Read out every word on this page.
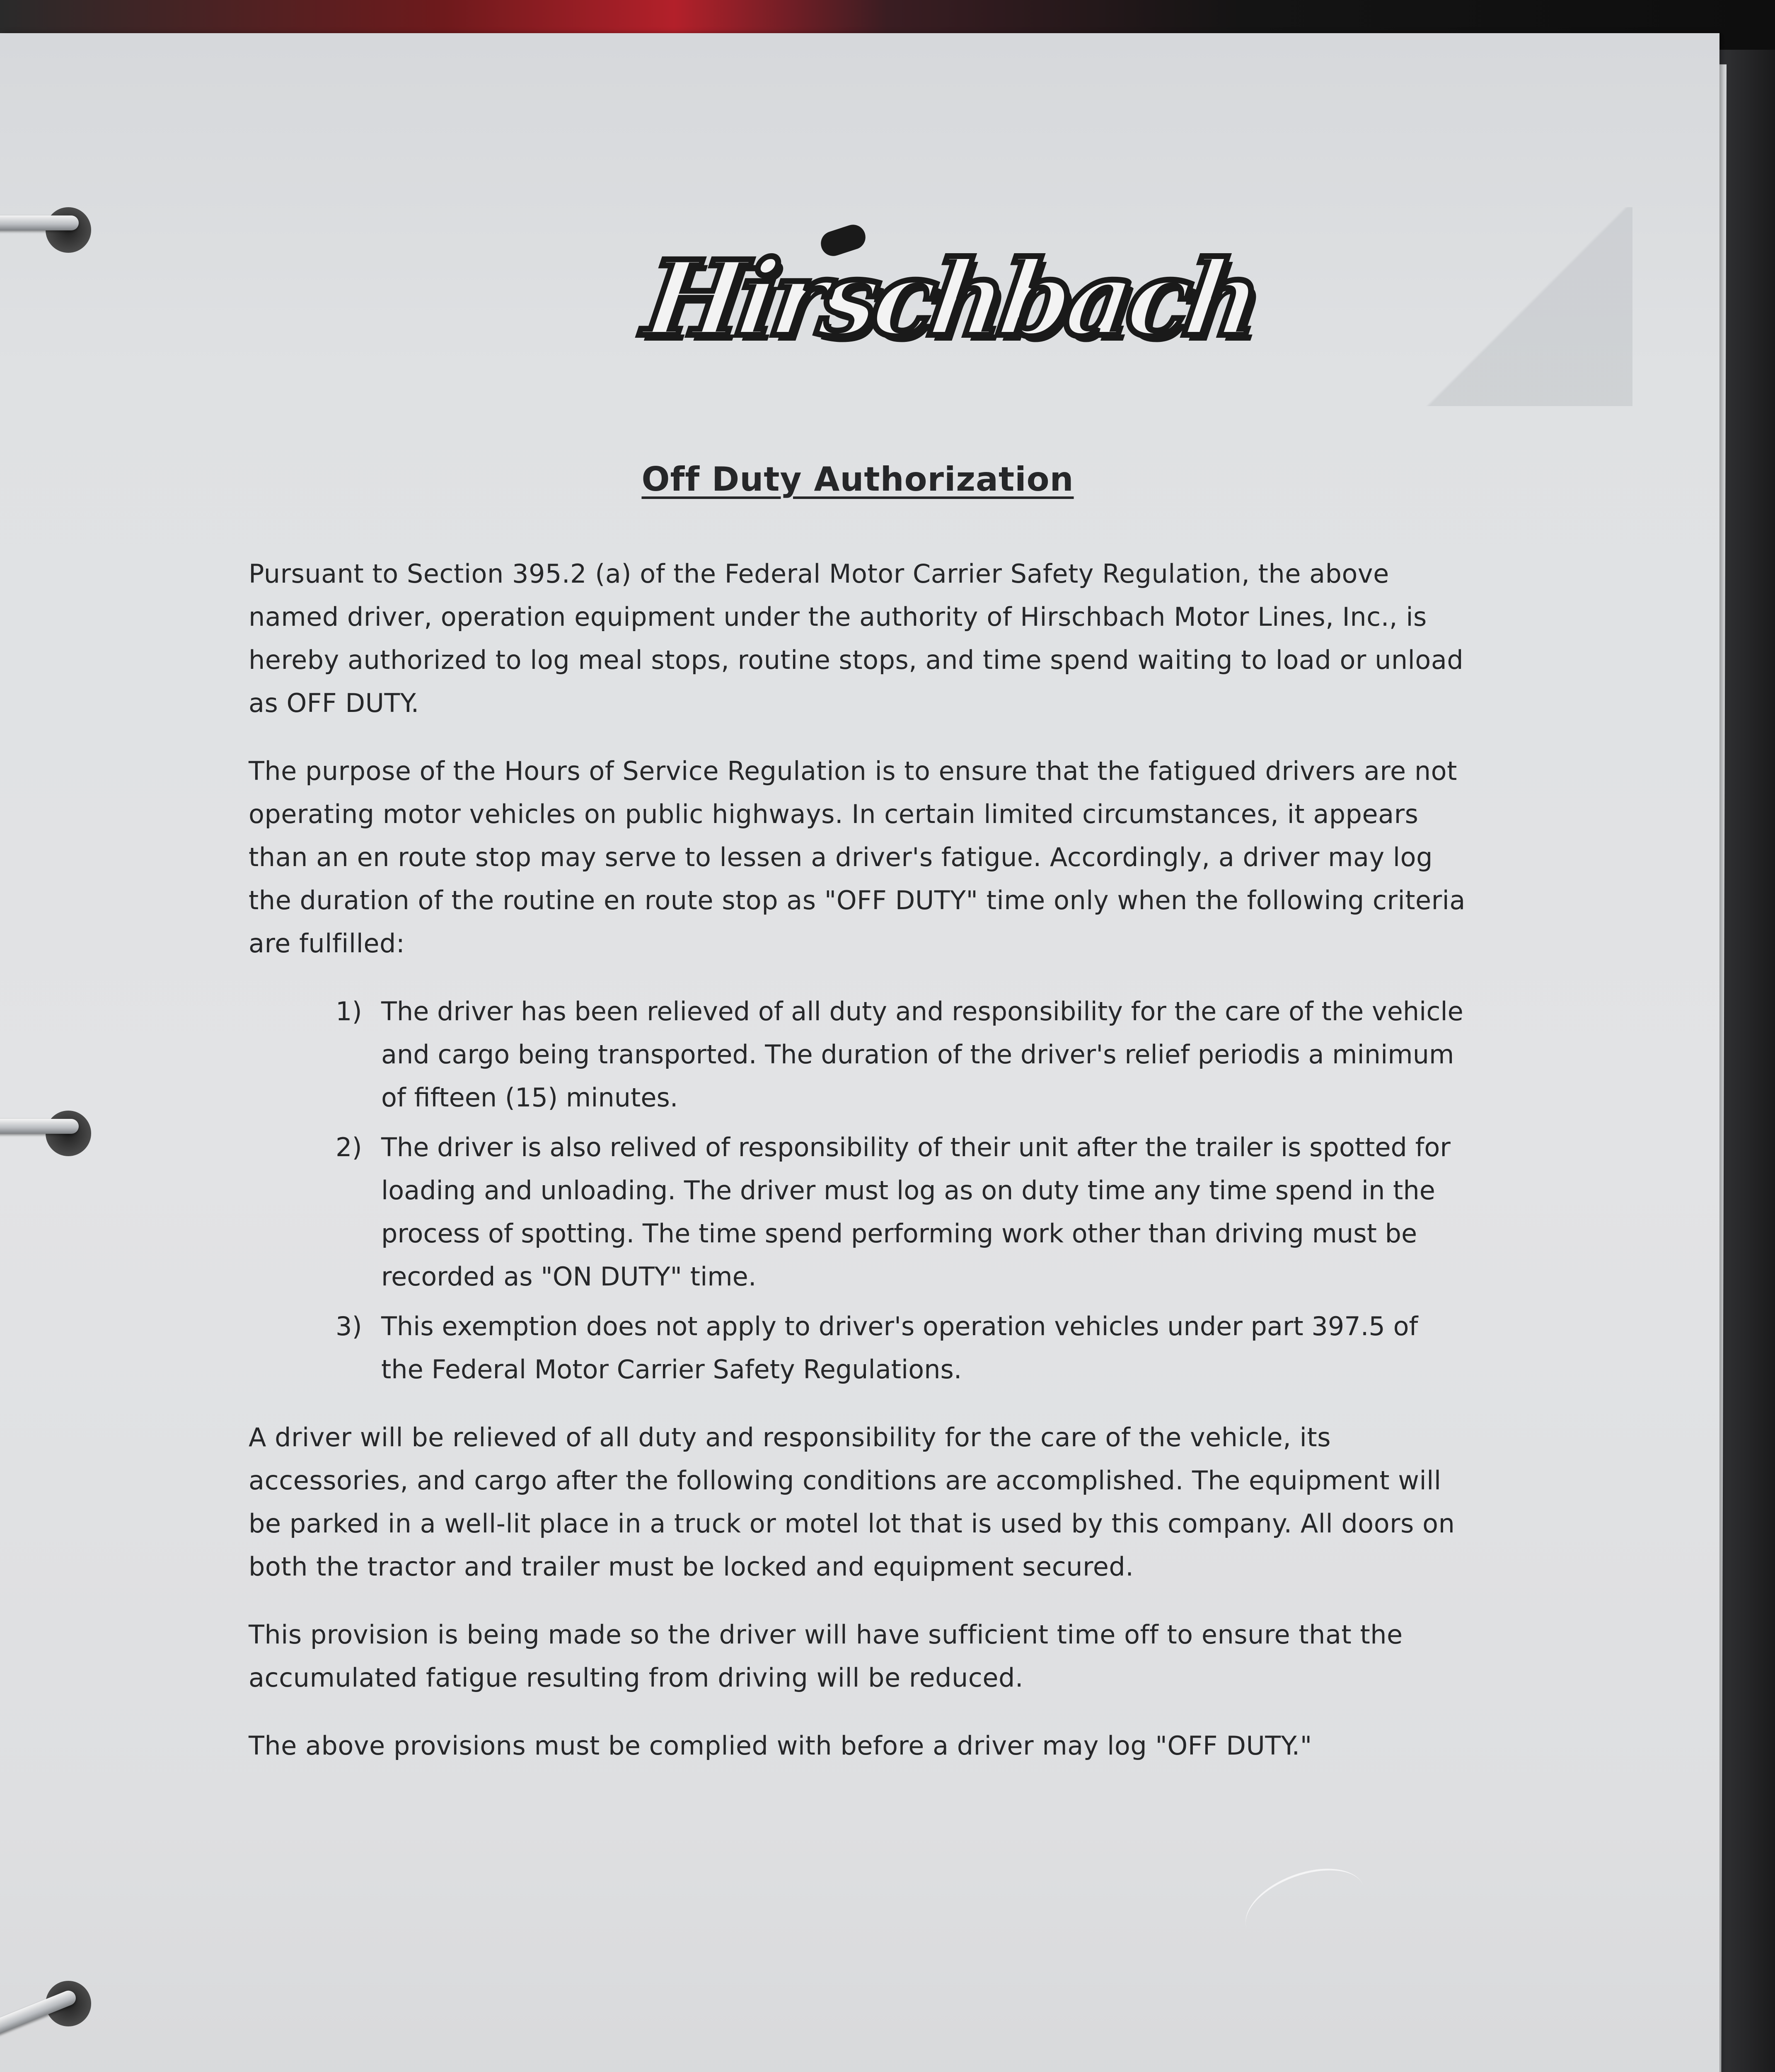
Hirschbach
Off Duty Authorization

Pursuant to Section 395.2 (a) of the Federal Motor Carrier Safety Regulation, the above named driver, operation equipment under the authority of Hirschbach Motor Lines, Inc., is hereby authorized to log meal stops, routine stops, and time spend waiting to load or unload as OFF DUTY.

The purpose of the Hours of Service Regulation is to ensure that the fatigued drivers are not operating motor vehicles on public highways. In certain limited circumstances, it appears than an en route stop may serve to lessen a driver's fatigue. Accordingly, a driver may log the duration of the routine en route stop as "OFF DUTY" time only when the following criteria are fulfilled:

1) The driver has been relieved of all duty and responsibility for the care of the vehicle and cargo being transported. The duration of the driver's relief periodis a minimum of fifteen (15) minutes.
2) The driver is also relived of responsibility of their unit after the trailer is spotted for loading and unloading. The driver must log as on duty time any time spend in the process of spotting. The time spend performing work other than driving must be recorded as "ON DUTY" time.
3) This exemption does not apply to driver's operation vehicles under part 397.5 of the Federal Motor Carrier Safety Regulations.

A driver will be relieved of all duty and responsibility for the care of the vehicle, its accessories, and cargo after the following conditions are accomplished. The equipment will be parked in a well-lit place in a truck or motel lot that is used by this company. All doors on both the tractor and trailer must be locked and equipment secured.

This provision is being made so the driver will have sufficient time off to ensure that the accumulated fatigue resulting from driving will be reduced.

The above provisions must be complied with before a driver may log "OFF DUTY."
